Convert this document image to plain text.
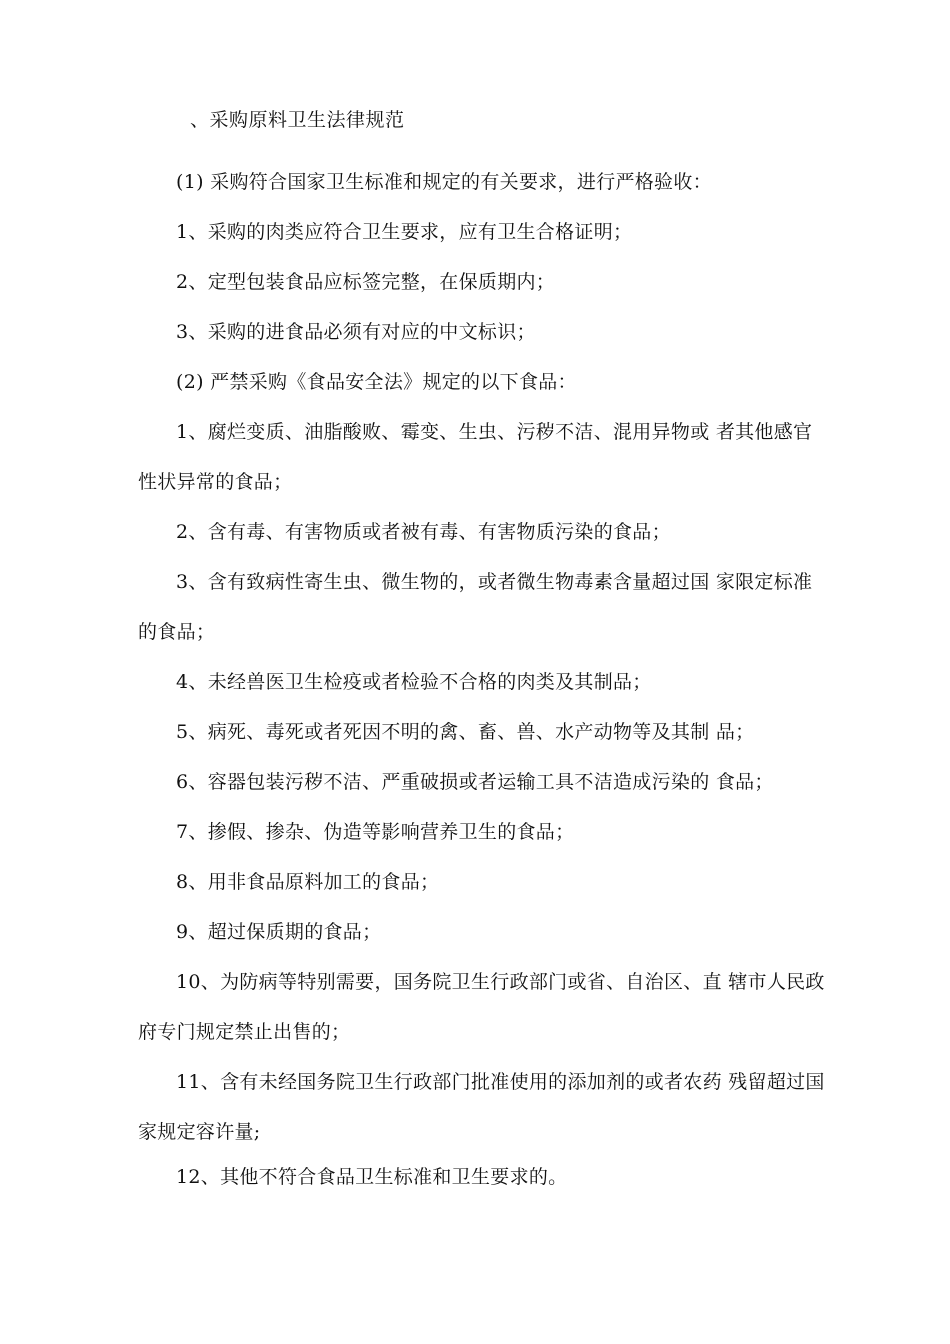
、采购原料卫生法律规范

(1) 采购符合国家卫生标准和规定的有关要求，进行严格验收：

1、采购的肉类应符合卫生要求，应有卫生合格证明；

2、定型包装食品应标签完整，在保质期内；

3、采购的进食品必须有对应的中文标识；

(2) 严禁采购《食品安全法》规定的以下食品：

1、腐烂变质、油脂酸败、霉变、生虫、污秽不洁、混用异物或 者其他感官性状异常的食品；

2、含有毒、有害物质或者被有毒、有害物质污染的食品；

3、含有致病性寄生虫、微生物的，或者微生物毒素含量超过国 家限定标准的食品；

4、未经兽医卫生检疫或者检验不合格的肉类及其制品；

5、病死、毒死或者死因不明的禽、畜、兽、水产动物等及其制 品；

6、容器包装污秽不洁、严重破损或者运输工具不洁造成污染的 食品；

7、掺假、掺杂、伪造等影响营养卫生的食品；

8、用非食品原料加工的食品；

9、超过保质期的食品；

10、为防病等特别需要，国务院卫生行政部门或省、自治区、直 辖市人民政府专门规定禁止出售的；

11、含有未经国务院卫生行政部门批准使用的添加剂的或者农药 残留超过国家规定容许量;

12、其他不符合食品卫生标准和卫生要求的。
